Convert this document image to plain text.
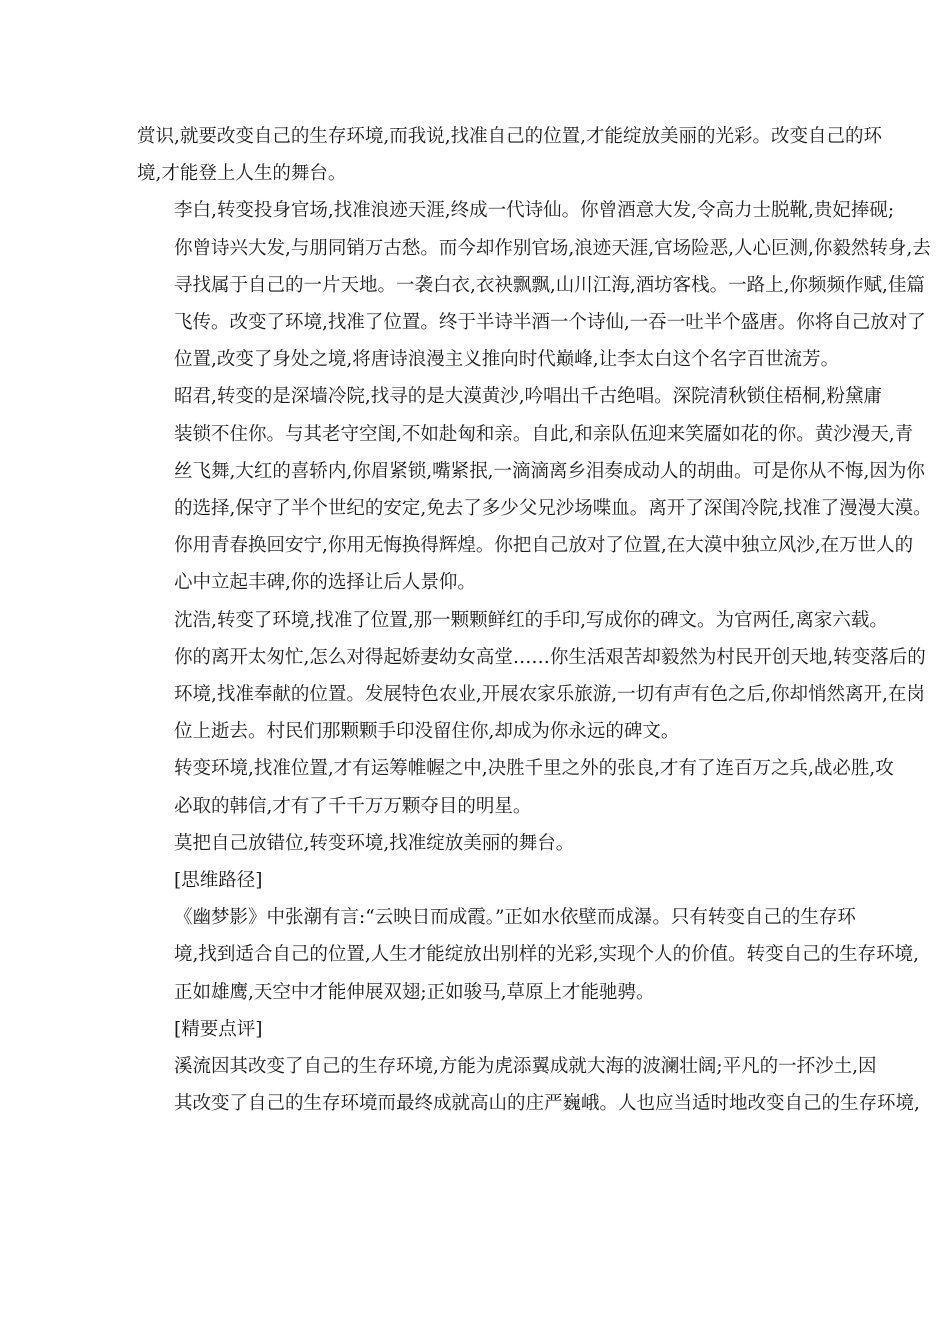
赏识,就要改变自己的生存环境,而我说,找准自己的位置,才能绽放美丽的光彩。改变自己的环
境,才能登上人生的舞台。

李白,转变投身官场,找准浪迹天涯,终成一代诗仙。你曾酒意大发,令高力士脱靴,贵妃捧砚;
你曾诗兴大发,与朋同销万古愁。而今却作别官场,浪迹天涯,官场险恶,人心叵测,你毅然转身,去
寻找属于自己的一片天地。一袭白衣,衣袂飘飘,山川江海,酒坊客栈。一路上,你频频作赋,佳篇
飞传。改变了环境,找准了位置。终于半诗半酒一个诗仙,一吞一吐半个盛唐。你将自己放对了
位置,改变了身处之境,将唐诗浪漫主义推向时代巅峰,让李太白这个名字百世流芳。

昭君,转变的是深墙冷院,找寻的是大漠黄沙,吟唱出千古绝唱。深院清秋锁住梧桐,粉黛庸
装锁不住你。与其老守空闺,不如赴匈和亲。自此,和亲队伍迎来笑靥如花的你。黄沙漫天,青
丝飞舞,大红的喜轿内,你眉紧锁,嘴紧抿,一滴滴离乡泪奏成动人的胡曲。可是你从不悔,因为你
的选择,保守了半个世纪的安定,免去了多少父兄沙场喋血。离开了深闺冷院,找准了漫漫大漠。
你用青春换回安宁,你用无悔换得辉煌。你把自己放对了位置,在大漠中独立风沙,在万世人的
心中立起丰碑,你的选择让后人景仰。

沈浩,转变了环境,找准了位置,那一颗颗鲜红的手印,写成你的碑文。为官两任,离家六载。
你的离开太匆忙,怎么对得起娇妻幼女高堂……你生活艰苦却毅然为村民开创天地,转变落后的
环境,找准奉献的位置。发展特色农业,开展农家乐旅游,一切有声有色之后,你却悄然离开,在岗
位上逝去。村民们那颗颗手印没留住你,却成为你永远的碑文。

转变环境,找准位置,才有运筹帷幄之中,决胜千里之外的张良,才有了连百万之兵,战必胜,攻
必取的韩信,才有了千千万万颗夺目的明星。

莫把自己放错位,转变环境,找准绽放美丽的舞台。

[思维路径]

《幽梦影》中张潮有言:“云映日而成霞。”正如水依壁而成瀑。只有转变自己的生存环
境,找到适合自己的位置,人生才能绽放出别样的光彩,实现个人的价值。转变自己的生存环境,
正如雄鹰,天空中才能伸展双翅;正如骏马,草原上才能驰骋。

[精要点评]

溪流因其改变了自己的生存环境,方能为虎添翼成就大海的波澜壮阔;平凡的一抔沙土,因
其改变了自己的生存环境而最终成就高山的庄严巍峨。人也应当适时地改变自己的生存环境,
